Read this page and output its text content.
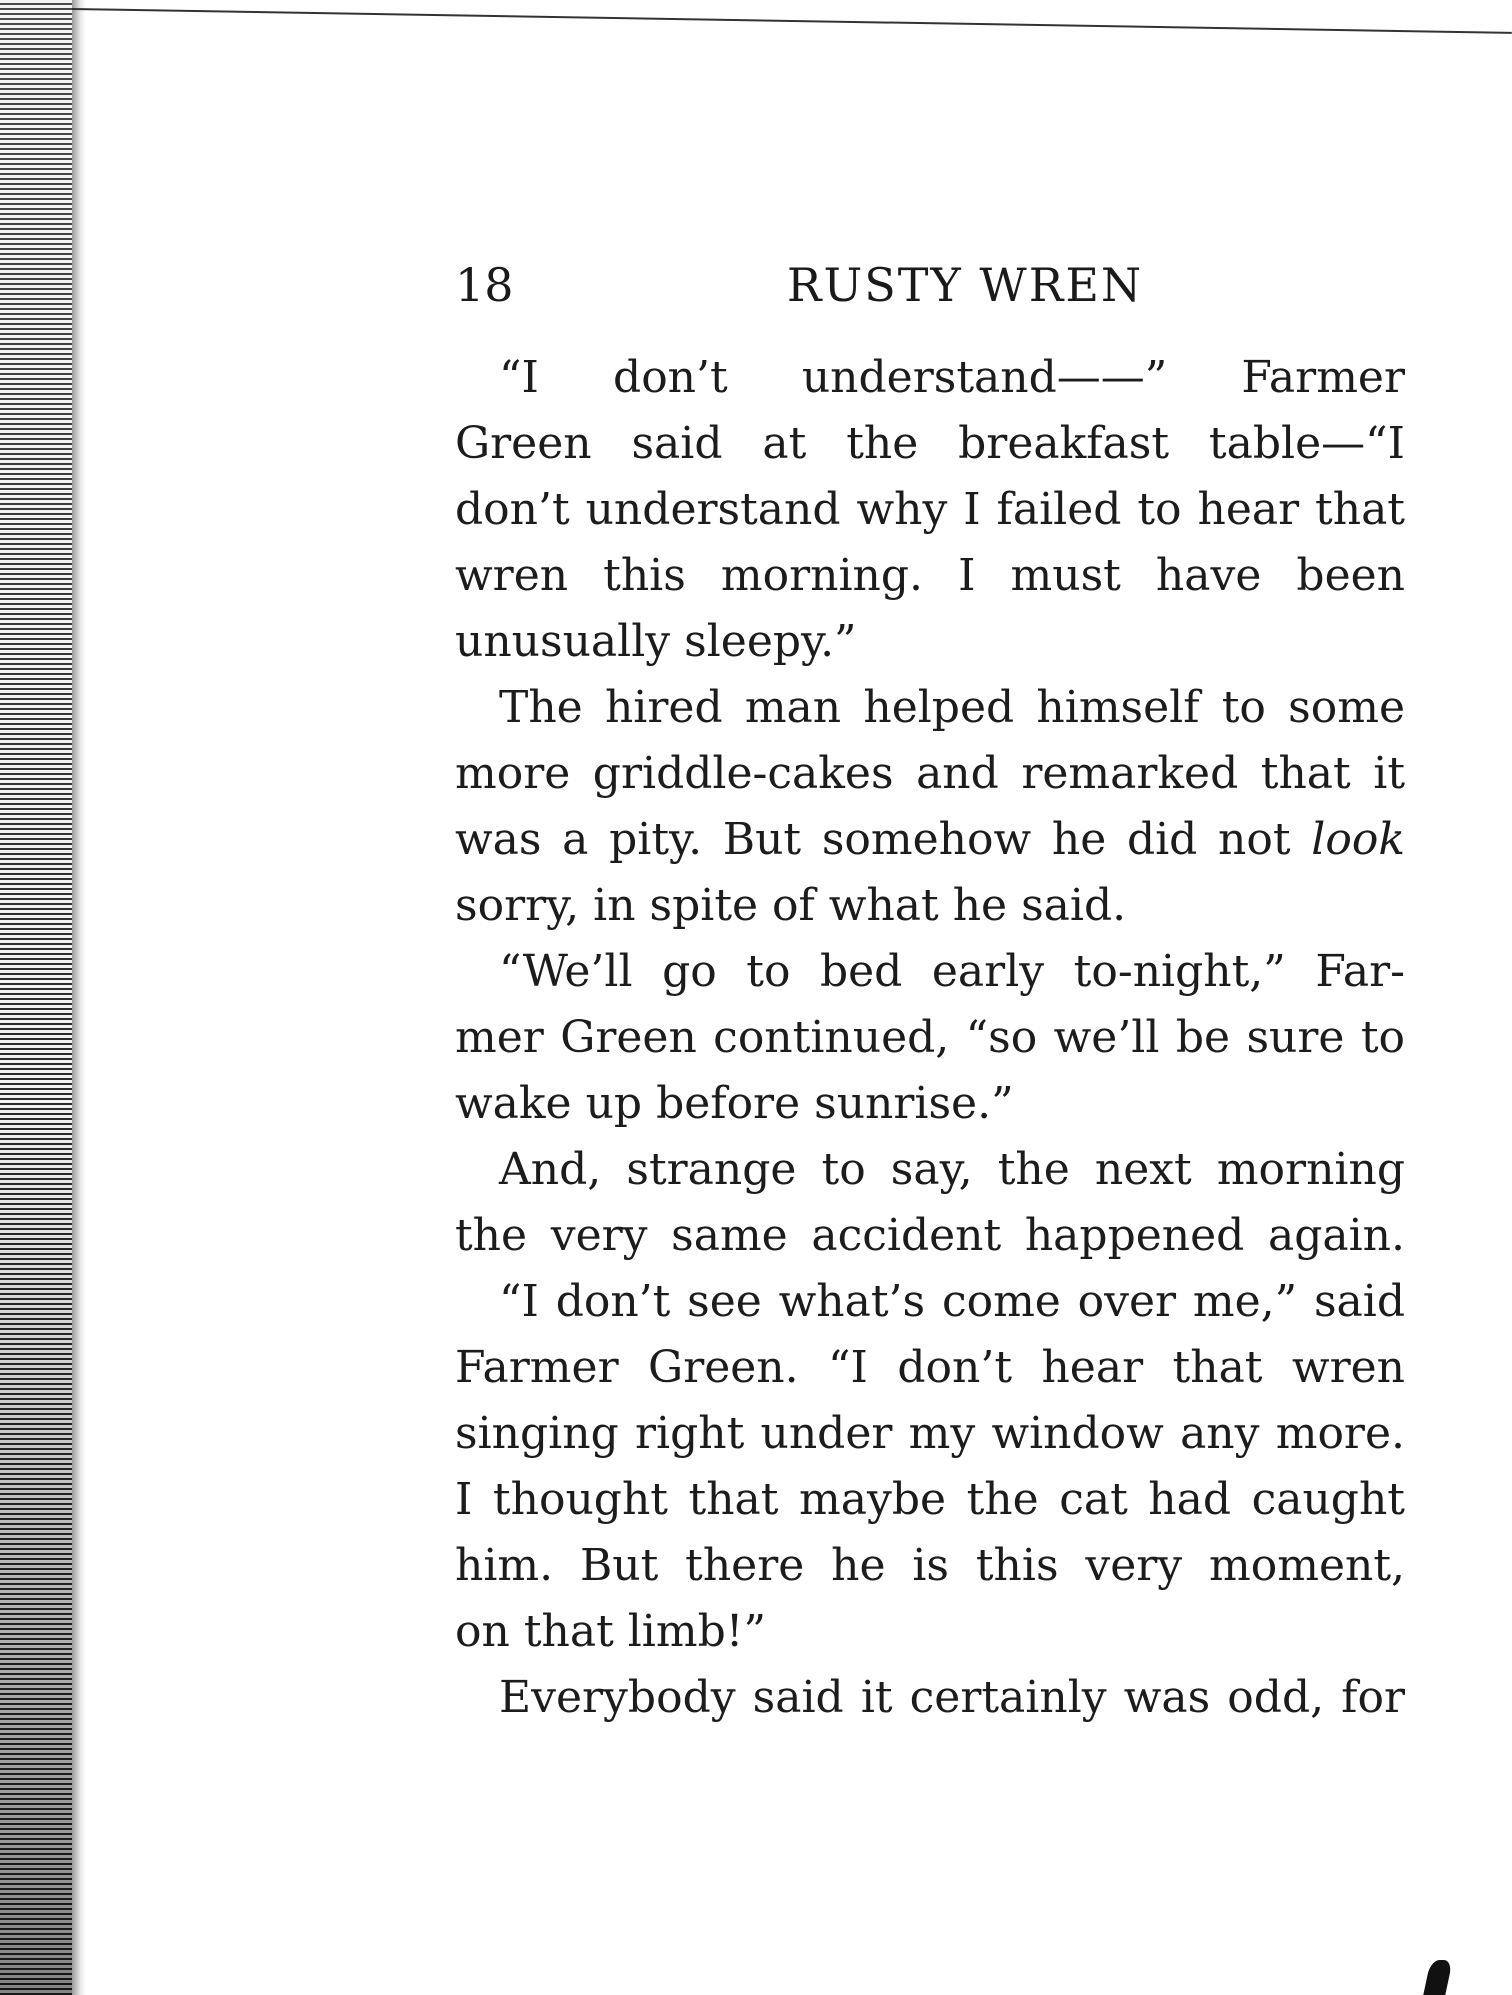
18	RUSTY WREN
“I don’t understand——” Farmer
Green said at the breakfast table—“I
don’t understand why I failed to hear that
wren this morning. I must have been
unusually sleepy.”
The hired man helped himself to some
more griddle-cakes and remarked that it
was a pity. But somehow he did not look
sorry, in spite of what he said.
“We’ll go to bed early to-night,” Far-
mer Green continued, “so we’ll be sure to
wake up before sunrise.”
And, strange to say, the next morning
the very same accident happened again.
“I don’t see what’s come over me,” said
Farmer Green. “I don’t hear that wren
singing right under my window any more.
I thought that maybe the cat had caught
him. But there he is this very moment,
on that limb!”
Everybody said it certainly was odd, for
